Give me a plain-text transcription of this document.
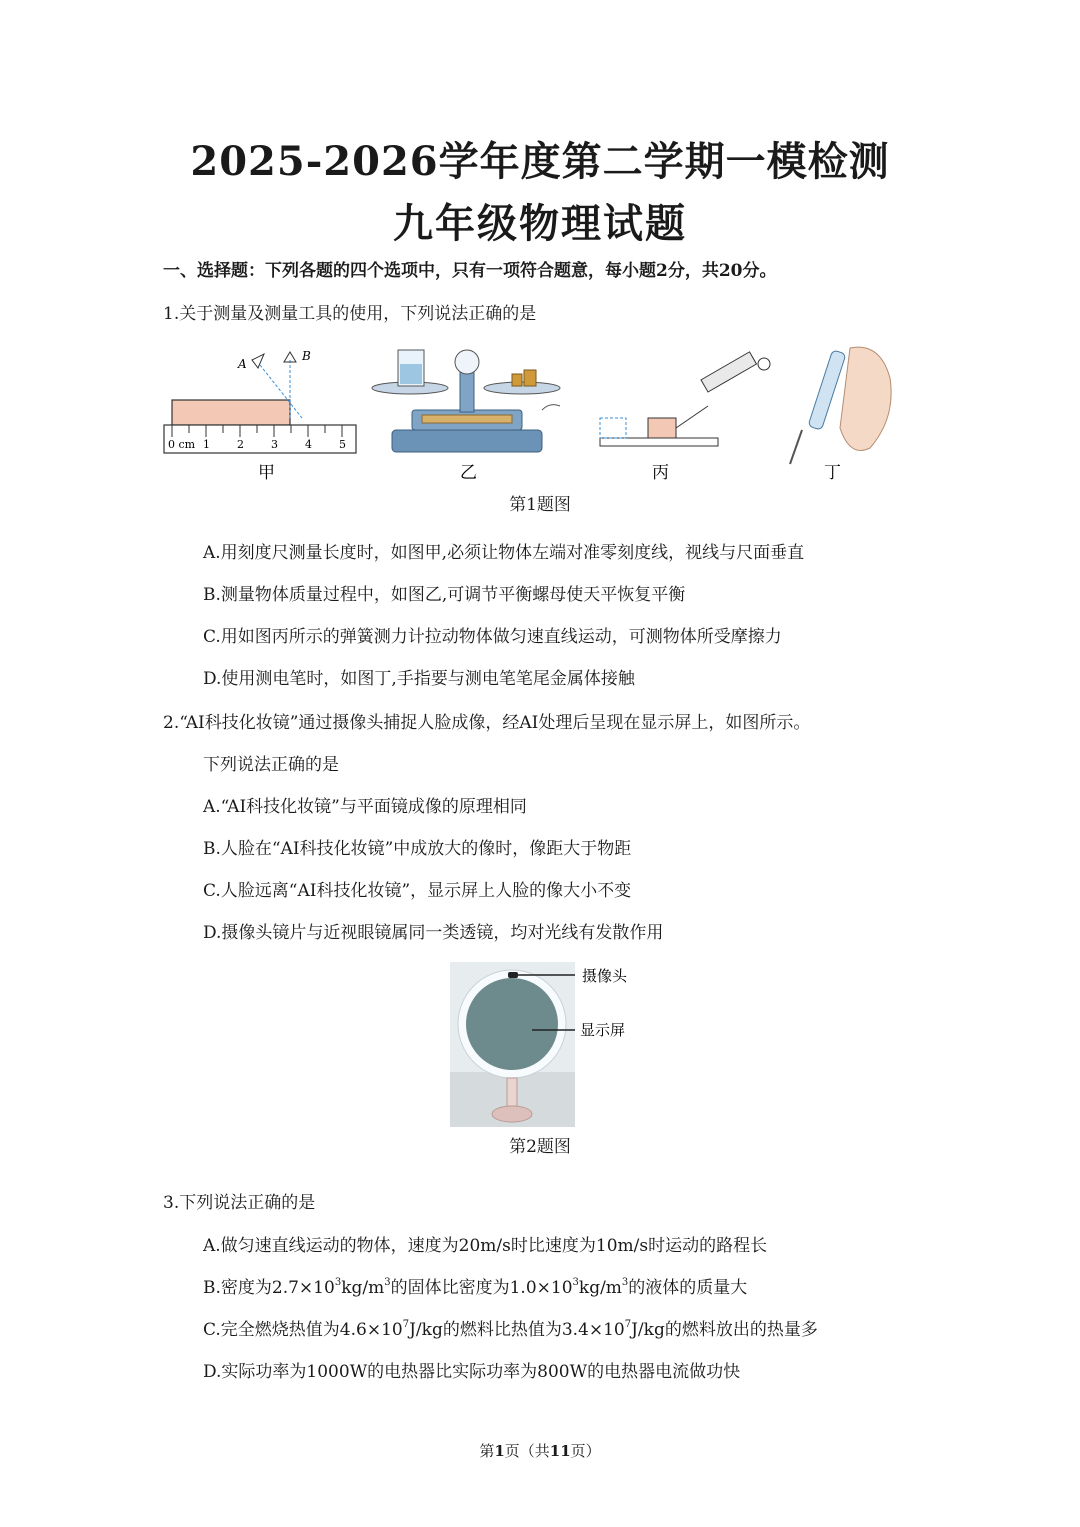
2025-2026学年度第二学期一模检测
九年级物理试题
一、选择题：下列各题的四个选项中，只有一项符合题意，每小题2分，共20分。
1.关于测量及测量工具的使用，下列说法正确的是
A
B
0 cm 1 2 3 4 5
甲	乙	丙	丁
第1题图
A.用刻度尺测量长度时，如图甲,必须让物体左端对准零刻度线，视线与尺面垂直
B.测量物体质量过程中，如图乙,可调节平衡螺母使天平恢复平衡
C.用如图丙所示的弹簧测力计拉动物体做匀速直线运动，可测物体所受摩擦力
D.使用测电笔时，如图丁,手指要与测电笔笔尾金属体接触
2.“AI科技化妆镜”通过摄像头捕捉人脸成像，经AI处理后呈现在显示屏上，如图所示。
下列说法正确的是
A.“AI科技化妆镜”与平面镜成像的原理相同
B.人脸在“AI科技化妆镜”中成放大的像时，像距大于物距
C.人脸远离“AI科技化妆镜”，显示屏上人脸的像大小不变
D.摄像头镜片与近视眼镜属同一类透镜，均对光线有发散作用
摄像头
显示屏
第2题图
3.下列说法正确的是
A.做匀速直线运动的物体，速度为20m/s时比速度为10m/s时运动的路程长
B.密度为$2.7\times 10^3kg/m^3$的固体比密度为$1.0\times 10^3kg/m^3$的液体的质量大
C.完全燃烧热值为$4.6\times 10^7J/kg$的燃料比热值为$3.4\times 10^7J/kg$的燃料放出的热量多
D.实际功率为1000W的电热器比实际功率为800W的电热器电流做功快
第1页（共11页）
